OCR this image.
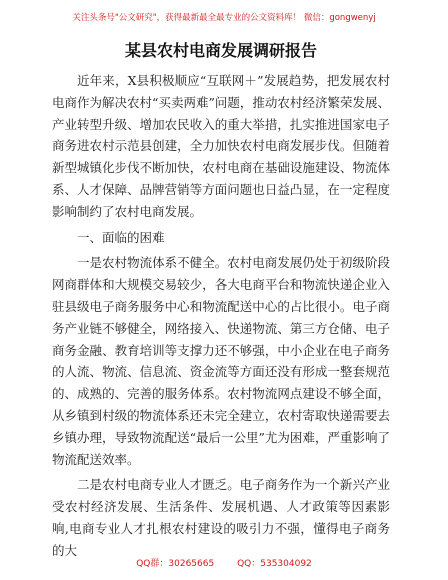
关注头条号"公文研究"，获得最新最全最专业的公文资料库！ 微信：gongwenyj
某县农村电商发展调研报告

近年来，X县积极顺应“互联网＋”发展趋势，把发展农村电商作为解决农村“买卖两难”问题，推动农村经济繁荣发展、产业转型升级、增加农民收入的重大举措，扎实推进国家电子商务进农村示范县创建，全力加快农村电商发展步伐。但随着新型城镇化步伐不断加快，农村电商在基础设施建设、物流体系、人才保障、品牌营销等方面问题也日益凸显，在一定程度影响制约了农村电商发展。

一、面临的困难

一是农村物流体系不健全。农村电商发展仍处于初级阶段网商群体和大规模交易较少，各大电商平台和物流快递企业入驻县级电子商务服务中心和物流配送中心的占比很小。电子商务产业链不够健全，网络接入、快递物流、第三方仓储、电子商务金融、教育培训等支撑力还不够强，中小企业在电子商务的人流、物流、信息流、资金流等方面还没有形成一整套规范的、成熟的、完善的服务体系。农村物流网点建设不够全面，从乡镇到村级的物流体系还未完全建立，农村寄取快递需要去乡镇办理，导致物流配送“最后一公里”尤为困难，严重影响了物流配送效率。

二是农村电商专业人才匮乏。电子商务作为一个新兴产业受农村经济发展、生活条件、发展机遇、人才政策等因素影响,电商专业人才扎根农村建设的吸引力不强，懂得电子商务的大

QQ群：30265665	QQ：535304092
